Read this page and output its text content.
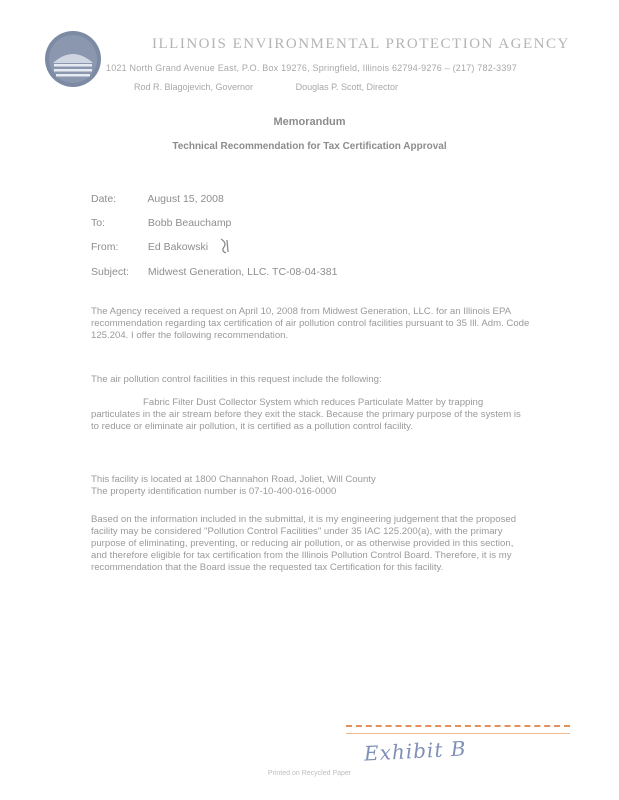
ILLINOIS ENVIRONMENTAL PROTECTION AGENCY
1021 North Grand Avenue East, P.O. Box 19276, Springfield, Illinois 62794-9276 – (217) 782-3397
Rod R. Blagojevich, Governor	Douglas P. Scott, Director
Memorandum
Technical Recommendation for Tax Certification Approval
Date:	August 15, 2008
To:	Bobb Beauchamp
From:	Ed Bakowski
Subject: Midwest Generation, LLC. TC-08-04-381
The Agency received a request on April 10, 2008 from Midwest Generation, LLC. for an Illinois EPA recommendation regarding tax certification of air pollution control facilities pursuant to 35 Ill. Adm. Code 125.204. I offer the following recommendation.
The air pollution control facilities in this request include the following:
Fabric Filter Dust Collector System which reduces Particulate Matter by trapping particulates in the air stream before they exit the stack. Because the primary purpose of the system is to reduce or eliminate air pollution, it is certified as a pollution control facility.
This facility is located at 1800 Channahon Road, Joliet, Will County
The property identification number is 07-10-400-016-0000
Based on the information included in the submittal, it is my engineering judgement that the proposed facility may be considered "Pollution Control Facilities" under 35 IAC 125.200(a), with the primary purpose of eliminating, preventing, or reducing air pollution, or as otherwise provided in this section, and therefore eligible for tax certification from the Illinois Pollution Control Board. Therefore, it is my recommendation that the Board issue the requested tax Certification for this facility.
Exhibit B
Printed on Recycled Paper
